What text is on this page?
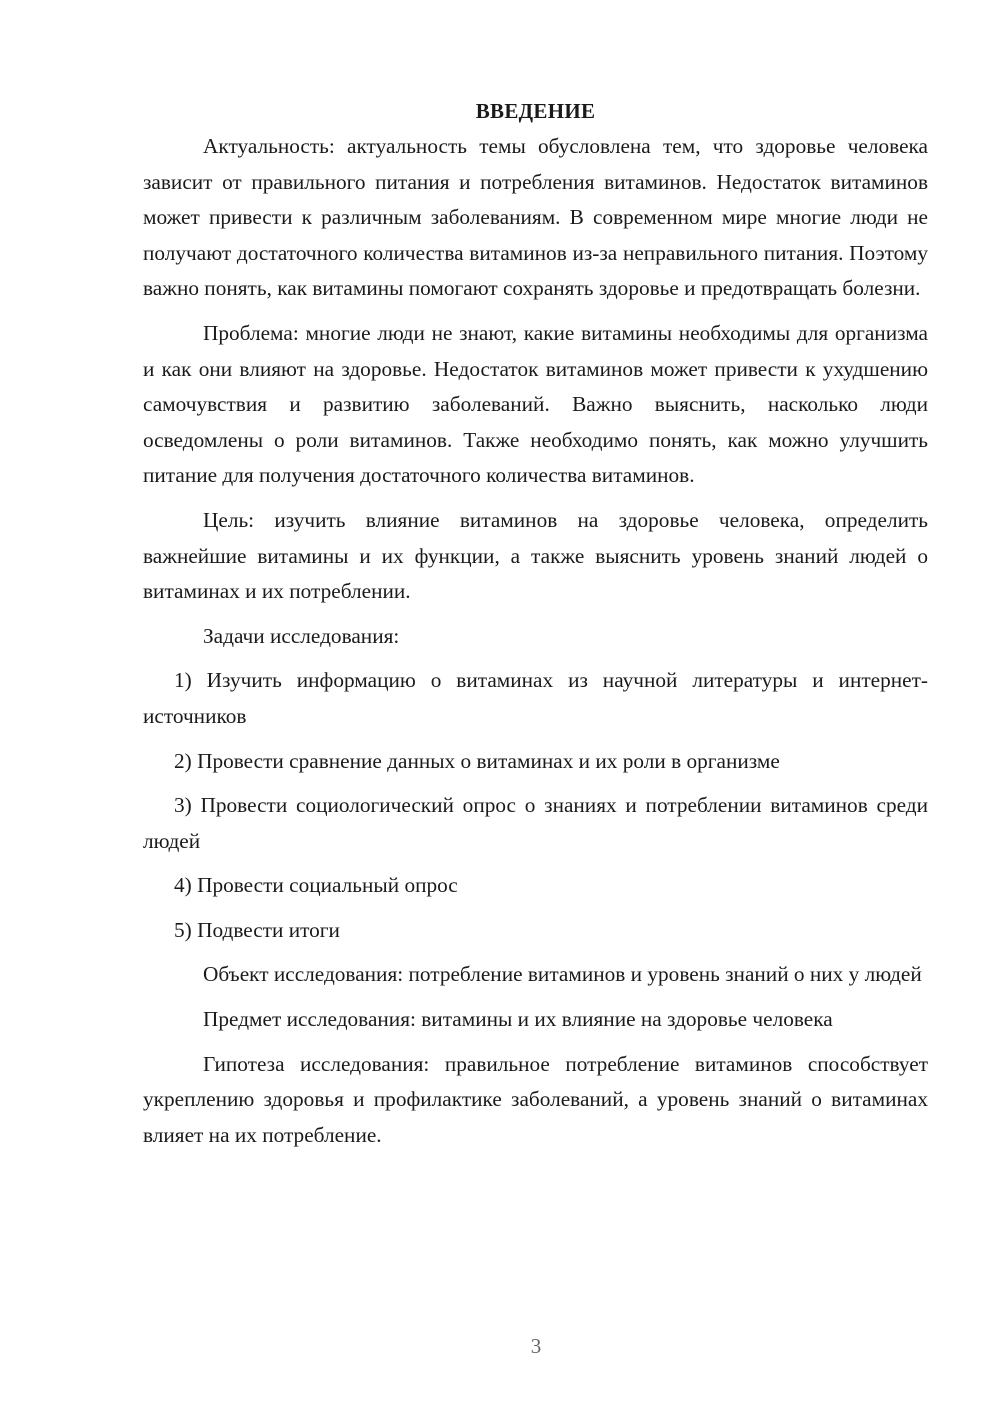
ВВЕДЕНИЕ

Актуальность: актуальность темы обусловлена тем, что здоровье человека зависит от правильного питания и потребления витаминов. Недостаток витаминов может привести к различным заболеваниям. В современном мире многие люди не получают достаточного количества витаминов из-за неправильного питания. Поэтому важно понять, как витамины помогают сохранять здоровье и предотвращать болезни.

Проблема: многие люди не знают, какие витамины необходимы для организма и как они влияют на здоровье. Недостаток витаминов может привести к ухудшению самочувствия и развитию заболеваний. Важно выяснить, насколько люди осведомлены о роли витаминов. Также необходимо понять, как можно улучшить питание для получения достаточного количества витаминов.

Цель: изучить влияние витаминов на здоровье человека, определить важнейшие витамины и их функции, а также выяснить уровень знаний людей о витаминах и их потреблении.

Задачи исследования:

1) Изучить информацию о витаминах из научной литературы и интернет-источников

2) Провести сравнение данных о витаминах и их роли в организме

3) Провести социологический опрос о знаниях и потреблении витаминов среди людей

4) Провести социальный опрос

5) Подвести итоги

Объект исследования: потребление витаминов и уровень знаний о них у людей

Предмет исследования: витамины и их влияние на здоровье человека

Гипотеза исследования: правильное потребление витаминов способствует укреплению здоровья и профилактике заболеваний, а уровень знаний о витаминах влияет на их потребление.

3
